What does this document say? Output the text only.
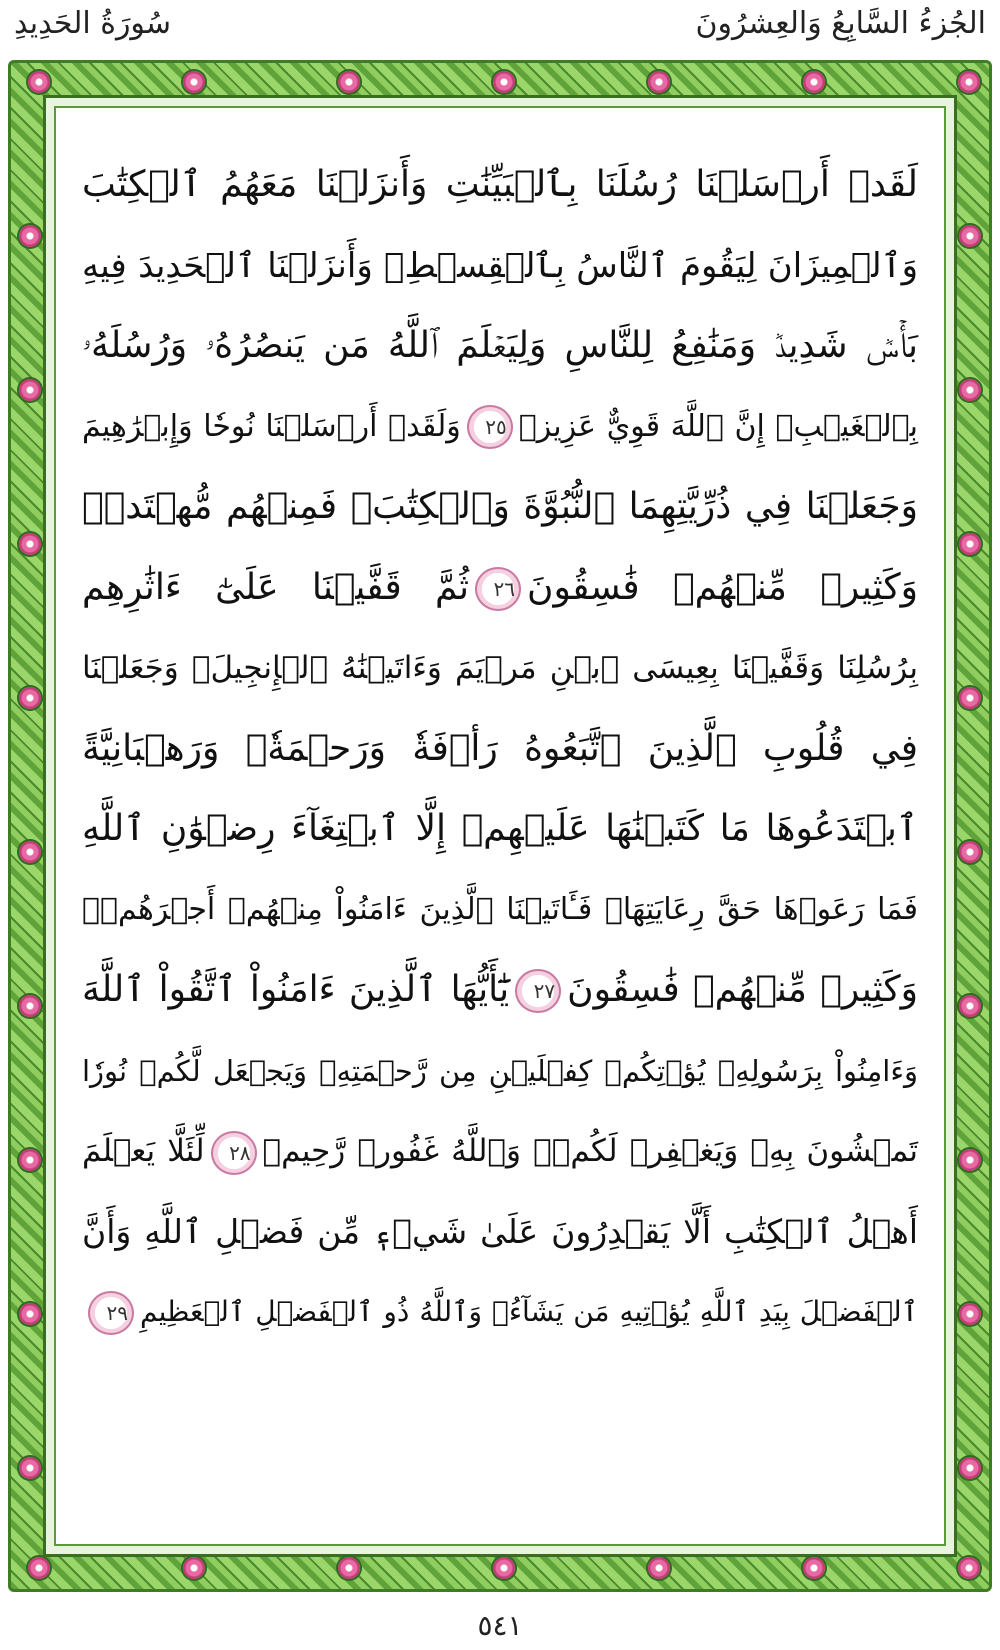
الجُزءُ السَّابِعُ وَالعِشرُونَ
سُورَةُ الحَدِيدِ
لَقَدۡ أَرۡسَلۡنَا رُسُلَنَا بِٱلۡبَيِّنَٰتِ وَأَنزَلۡنَا مَعَهُمُ ٱلۡكِتَٰبَ
وَٱلۡمِيزَانَ لِيَقُومَ ٱلنَّاسُ بِٱلۡقِسۡطِۖ وَأَنزَلۡنَا ٱلۡحَدِيدَ فِيهِ
بَأۡسٞ شَدِيدٞ وَمَنَٰفِعُ لِلنَّاسِ وَلِيَعۡلَمَ ٱللَّهُ مَن يَنصُرُهُۥ وَرُسُلَهُۥ
بِٱلۡغَيۡبِۚ إِنَّ ٱللَّهَ قَوِيٌّ عَزِيزٞ٢٥وَلَقَدۡ أَرۡسَلۡنَا نُوحٗا وَإِبۡرَٰهِيمَ
وَجَعَلۡنَا فِي ذُرِّيَّتِهِمَا ٱلنُّبُوَّةَ وَٱلۡكِتَٰبَۖ فَمِنۡهُم مُّهۡتَدٖۖ
وَكَثِيرٞ مِّنۡهُمۡ فَٰسِقُونَ٢٦ثُمَّ قَفَّيۡنَا عَلَىٰٓ ءَاثَٰرِهِم
بِرُسُلِنَا وَقَفَّيۡنَا بِعِيسَى ٱبۡنِ مَرۡيَمَ وَءَاتَيۡنَٰهُ ٱلۡإِنجِيلَۖ وَجَعَلۡنَا
فِي قُلُوبِ ٱلَّذِينَ ٱتَّبَعُوهُ رَأۡفَةٗ وَرَحۡمَةٗۚ وَرَهۡبَانِيَّةً
ٱبۡتَدَعُوهَا مَا كَتَبۡنَٰهَا عَلَيۡهِمۡ إِلَّا ٱبۡتِغَآءَ رِضۡوَٰنِ ٱللَّهِ
فَمَا رَعَوۡهَا حَقَّ رِعَايَتِهَاۖ فَـَٔاتَيۡنَا ٱلَّذِينَ ءَامَنُواْ مِنۡهُمۡ أَجۡرَهُمۡۖ
وَكَثِيرٞ مِّنۡهُمۡ فَٰسِقُونَ٢٧يَٰٓأَيُّهَا ٱلَّذِينَ ءَامَنُواْ ٱتَّقُواْ ٱللَّهَ
وَءَامِنُواْ بِرَسُولِهِۦ يُؤۡتِكُمۡ كِفۡلَيۡنِ مِن رَّحۡمَتِهِۦ وَيَجۡعَل لَّكُمۡ نُورٗا
تَمۡشُونَ بِهِۦ وَيَغۡفِرۡ لَكُمۡۚ وَٱللَّهُ غَفُورٞ رَّحِيمٞ٢٨لِّئَلَّا يَعۡلَمَ
أَهۡلُ ٱلۡكِتَٰبِ أَلَّا يَقۡدِرُونَ عَلَىٰ شَيۡءٖ مِّن فَضۡلِ ٱللَّهِ وَأَنَّ
ٱلۡفَضۡلَ بِيَدِ ٱللَّهِ يُؤۡتِيهِ مَن يَشَآءُۚ وَٱللَّهُ ذُو ٱلۡفَضۡلِ ٱلۡعَظِيمِ٢٩
٥٤١
